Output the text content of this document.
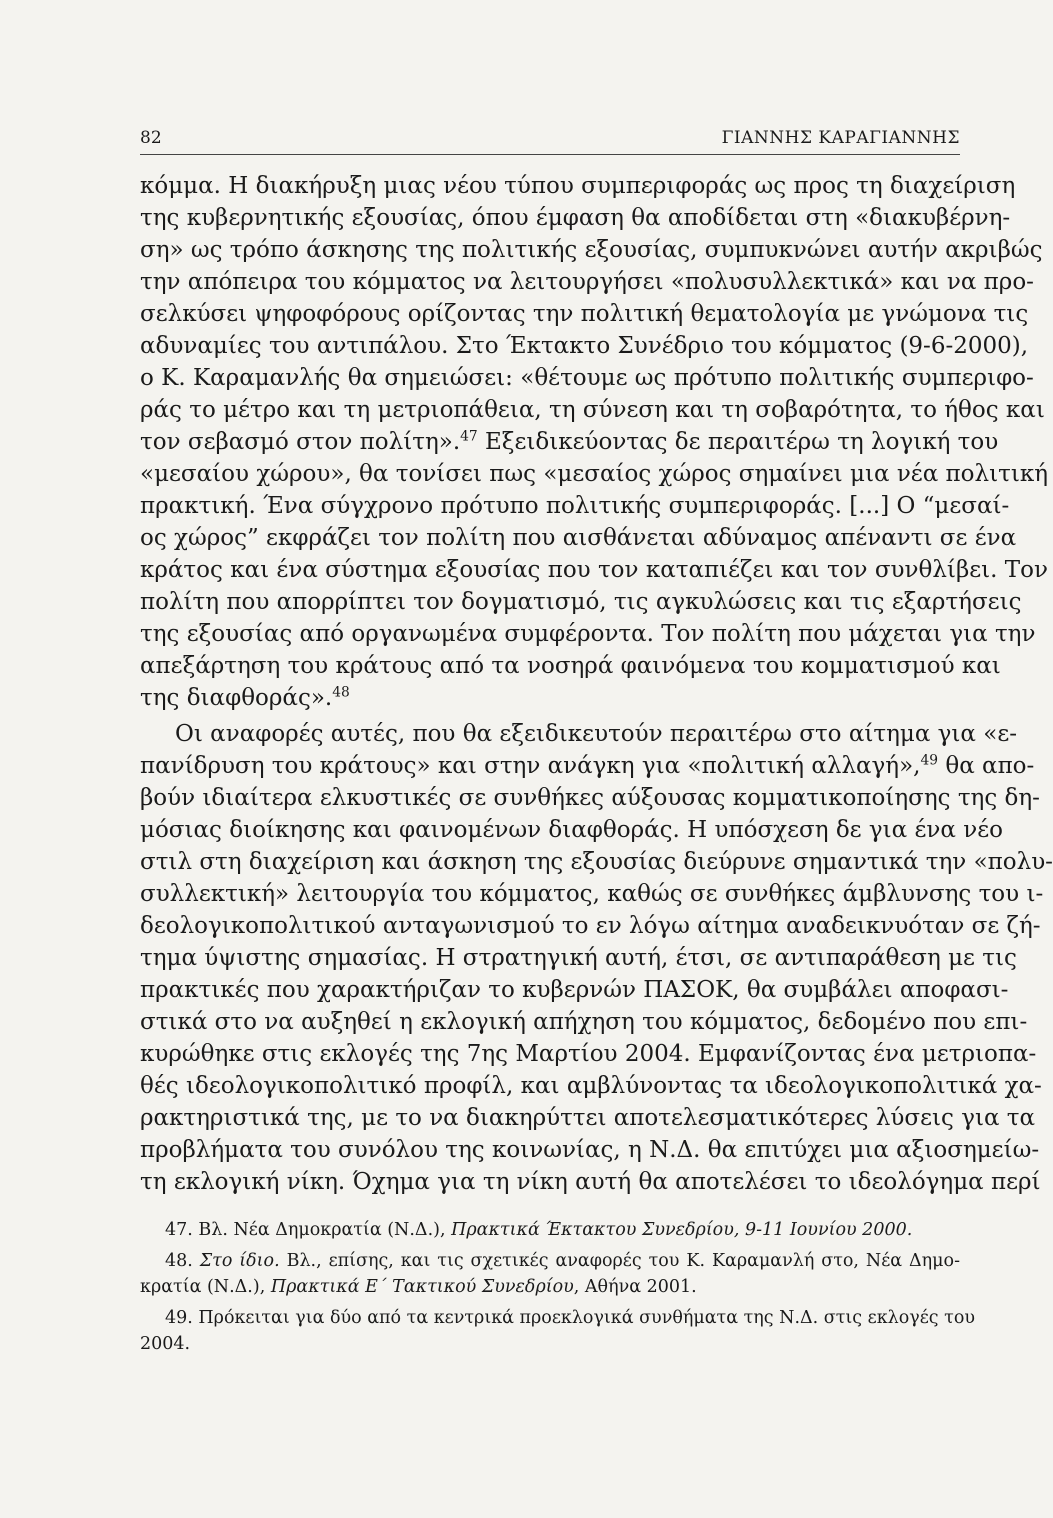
82	ΓΙΑΝΝΗΣ ΚΑΡΑΓΙΑΝΝΗΣ
κόμμα. Η διακήρυξη μιας νέου τύπου συμπεριφοράς ως προς τη διαχείριση
της κυβερνητικής εξουσίας, όπου έμφαση θα αποδίδεται στη «διακυβέρνη-
ση» ως τρόπο άσκησης της πολιτικής εξουσίας, συμπυκνώνει αυτήν ακριβώς
την απόπειρα του κόμματος να λειτουργήσει «πολυσυλλεκτικά» και να προ-
σελκύσει ψηφοφόρους ορίζοντας την πολιτική θεματολογία με γνώμονα τις
αδυναμίες του αντιπάλου. Στο Έκτακτο Συνέδριο του κόμματος (9-6-2000),
ο Κ. Καραμανλής θα σημειώσει: «θέτουμε ως πρότυπο πολιτικής συμπεριφο-
ράς το μέτρο και τη μετριοπάθεια, τη σύνεση και τη σοβαρότητα, το ήθος και
τον σεβασμό στον πολίτη».$^{47}$ Εξειδικεύοντας δε περαιτέρω τη λογική του
«μεσαίου χώρου», θα τονίσει πως «μεσαίος χώρος σημαίνει μια νέα πολιτική
πρακτική. Ένα σύγχρονο πρότυπο πολιτικής συμπεριφοράς. [...] Ο “μεσαί-
ος χώρος” εκφράζει τον πολίτη που αισθάνεται αδύναμος απέναντι σε ένα
κράτος και ένα σύστημα εξουσίας που τον καταπιέζει και τον συνθλίβει. Τον
πολίτη που απορρίπτει τον δογματισμό, τις αγκυλώσεις και τις εξαρτήσεις
της εξουσίας από οργανωμένα συμφέροντα. Τον πολίτη που μάχεται για την
απεξάρτηση του κράτους από τα νοσηρά φαινόμενα του κομματισμού και
της διαφθοράς».$^{48}$
Οι αναφορές αυτές, που θα εξειδικευτούν περαιτέρω στο αίτημα για «ε-
πανίδρυση του κράτους» και στην ανάγκη για «πολιτική αλλαγή»,$^{49}$ θα απο-
βούν ιδιαίτερα ελκυστικές σε συνθήκες αύξουσας κομματικοποίησης της δη-
μόσιας διοίκησης και φαινομένων διαφθοράς. Η υπόσχεση δε για ένα νέο
στιλ στη διαχείριση και άσκηση της εξουσίας διεύρυνε σημαντικά την «πολυ-
συλλεκτική» λειτουργία του κόμματος, καθώς σε συνθήκες άμβλυνσης του ι-
δεολογικοπολιτικού ανταγωνισμού το εν λόγω αίτημα αναδεικνυόταν σε ζή-
τημα ύψιστης σημασίας. Η στρατηγική αυτή, έτσι, σε αντιπαράθεση με τις
πρακτικές που χαρακτήριζαν το κυβερνών ΠΑΣΟΚ, θα συμβάλει αποφασι-
στικά στο να αυξηθεί η εκλογική απήχηση του κόμματος, δεδομένο που επι-
κυρώθηκε στις εκλογές της 7ης Μαρτίου 2004. Εμφανίζοντας ένα μετριοπα-
θές ιδεολογικοπολιτικό προφίλ, και αμβλύνοντας τα ιδεολογικοπολιτικά χα-
ρακτηριστικά της, με το να διακηρύττει αποτελεσματικότερες λύσεις για τα
προβλήματα του συνόλου της κοινωνίας, η Ν.Δ. θα επιτύχει μια αξιοσημείω-
τη εκλογική νίκη. Όχημα για τη νίκη αυτή θα αποτελέσει το ιδεολόγημα περί
47. Βλ. Νέα Δημοκρατία (Ν.Δ.), Πρακτικά Έκτακτου Συνεδρίου, 9-11 Ιουνίου 2000.
48. Στο ίδιο. Βλ., επίσης, και τις σχετικές αναφορές του Κ. Καραμανλή στο, Νέα Δημο-
κρατία (Ν.Δ.), Πρακτικά Ε΄ Τακτικού Συνεδρίου, Αθήνα 2001.
49. Πρόκειται για δύο από τα κεντρικά προεκλογικά συνθήματα της Ν.Δ. στις εκλογές του
2004.
